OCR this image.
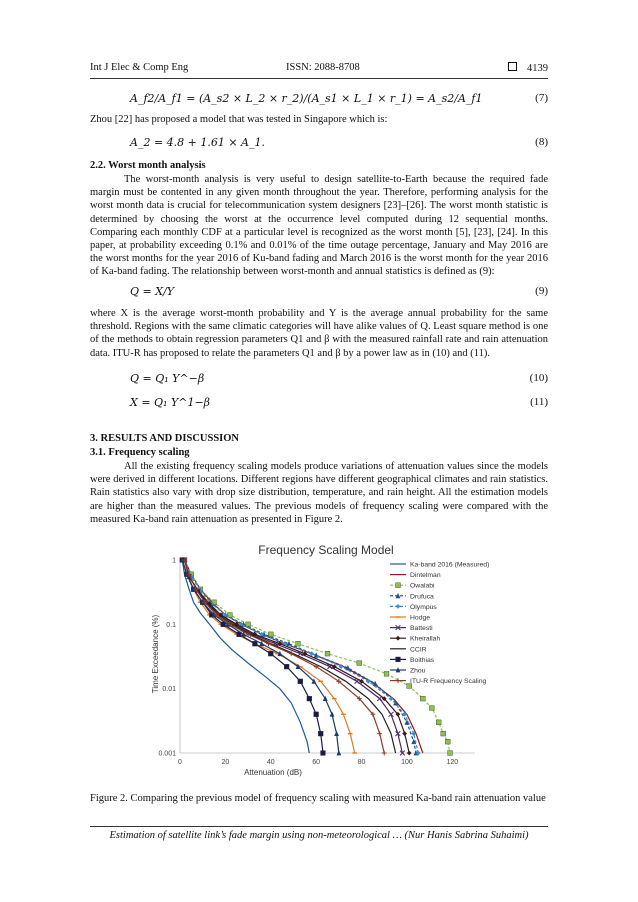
Int J Elec & Comp Eng	ISSN: 2088-8708	4139
A_f2/A_f1 = (A_s2 × L_2 × r_2)/(A_s1 × L_1 × r_1) = A_s2/A_f1	(7)
Zhou [22] has proposed a model that was tested in Singapore which is:
A_2 = 4.8 + 1.61 × A_1.	(8)
2.2. Worst month analysis
The worst-month analysis is very useful to design satellite-to-Earth because the required fade margin must be contented in any given month throughout the year. Therefore, performing analysis for the worst month data is crucial for telecommunication system designers [23]–[26]. The worst month statistic is determined by choosing the worst at the occurrence level computed during 12 sequential months. Comparing each monthly CDF at a particular level is recognized as the worst month [5], [23], [24]. In this paper, at probability exceeding 0.1% and 0.01% of the time outage percentage, January and May 2016 are the worst months for the year 2016 of Ku-band fading and March 2016 is the worst month for the year 2016 of Ka-band fading. The relationship between worst-month and annual statistics is defined as (9):
Q = X/Y	(9)
where X is the average worst-month probability and Y is the average annual probability for the same threshold. Regions with the same climatic categories will have alike values of Q. Least square method is one of the methods to obtain regression parameters Q1 and β with the measured rainfall rate and rain attenuation data. ITU-R has proposed to relate the parameters Q1 and β by a power law as in (10) and (11).
Q = Q₁ Y^−β	(10)
X = Q₁ Y^1−β	(11)
3. RESULTS AND DISCUSSION
3.1. Frequency scaling
All the existing frequency scaling models produce variations of attenuation values since the models were derived in different locations. Different regions have different geographical climates and rain statistics. Rain statistics also vary with drop size distribution, temperature, and rain height. All the estimation models are higher than the measured values. The previous models of frequency scaling were compared with the measured Ka-band rain attenuation as presented in Figure 2.
Frequency Scaling Model
0	20	40	60	80	100	120
1
0.1
0.01
0.001
Attenuation (dB)
Time Exceedance (%)
Ka-band 2016 (Measured)
Dintelman
Owalabi
Drufuca
Olympus
Hodge
Battesti
Kheirallah
CCIR
Boithias
Zhou
ITU-R Frequency Scaling
Figure 2. Comparing the previous model of frequency scaling with measured Ka-band rain attenuation value
Estimation of satellite link’s fade margin using non-meteorological … (Nur Hanis Sabrina Suhaimi)
